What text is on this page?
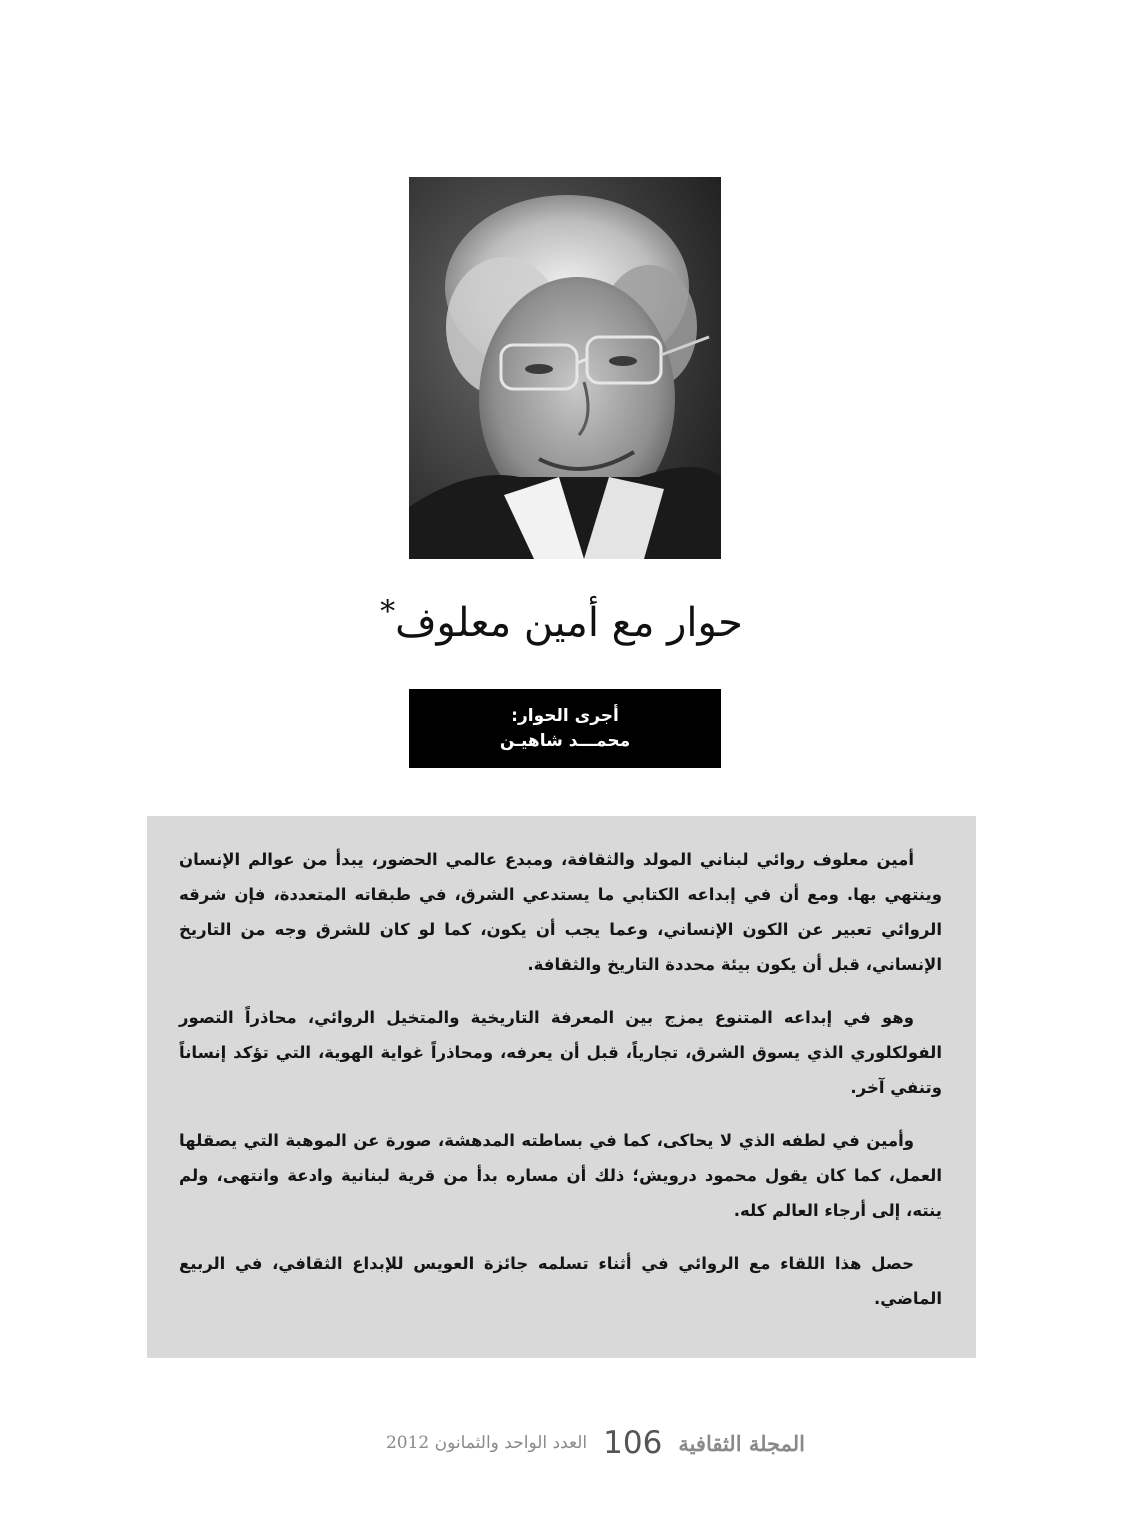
حوار مع أمين معلوف*
أجرى الحوار:
محمـــد شاهيـن

أمين معلوف روائي لبناني المولد والثقافة، ومبدع عالمي الحضور، يبدأ من عوالم الإنسان وينتهي بها. ومع أن في إبداعه الكتابي ما يستدعي الشرق، في طبقاته المتعددة، فإن شرقه الروائي تعبير عن الكون الإنساني، وعما يجب أن يكون، كما لو كان للشرق وجه من التاريخ الإنساني، قبل أن يكون بيئة محددة التاريخ والثقافة.

وهو في إبداعه المتنوع يمزج بين المعرفة التاريخية والمتخيل الروائي، محاذراً التصور الفولكلوري الذي يسوق الشرق، تجارياً، قبل أن يعرفه، ومحاذراً غواية الهوية، التي تؤكد إنساناً وتنفي آخر.

وأمين في لطفه الذي لا يحاكى، كما في بساطته المدهشة، صورة عن الموهبة التي يصقلها العمل، كما كان يقول محمود درويش؛ ذلك أن مساره بدأ من قرية لبنانية وادعة وانتهى، ولم ينته، إلى أرجاء العالم كله.

حصل هذا اللقاء مع الروائي في أثناء تسلمه جائزة العويس للإبداع الثقافي، في الربيع الماضي.

المجلة الثقافية
106
العدد الواحد والثمانون 2012
